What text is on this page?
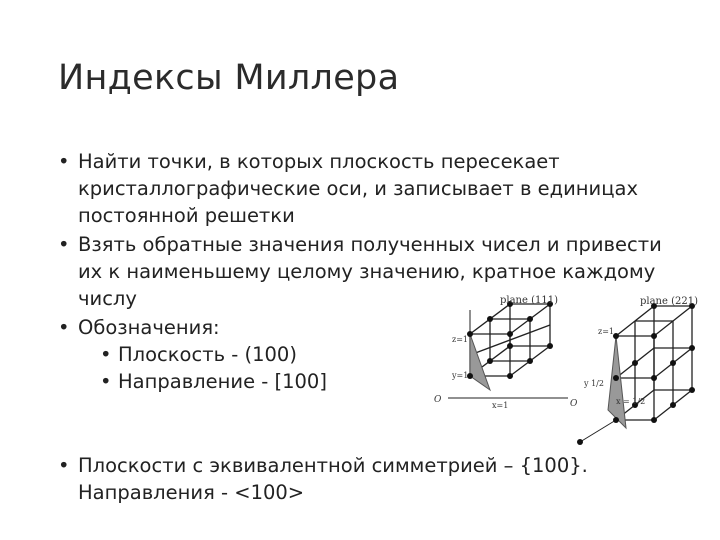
Индексы Миллера
• Найти точки, в которых плоскость пересекает кристаллографические оси, и записывает в единицах постоянной решетки
• Взять обратные значения полученных чисел и привести их к наименьшему целому значению, кратное каждому числу
• Обозначения:
• Плоскость - (100)
• Направление - [100]
• Плоскости с эквивалентной симметрией – {100}.
Направления - <100>
plane (111)
z=1
y=1
x=1
O
plane (221)
z=1
y 1/2
x = 1/2
O
